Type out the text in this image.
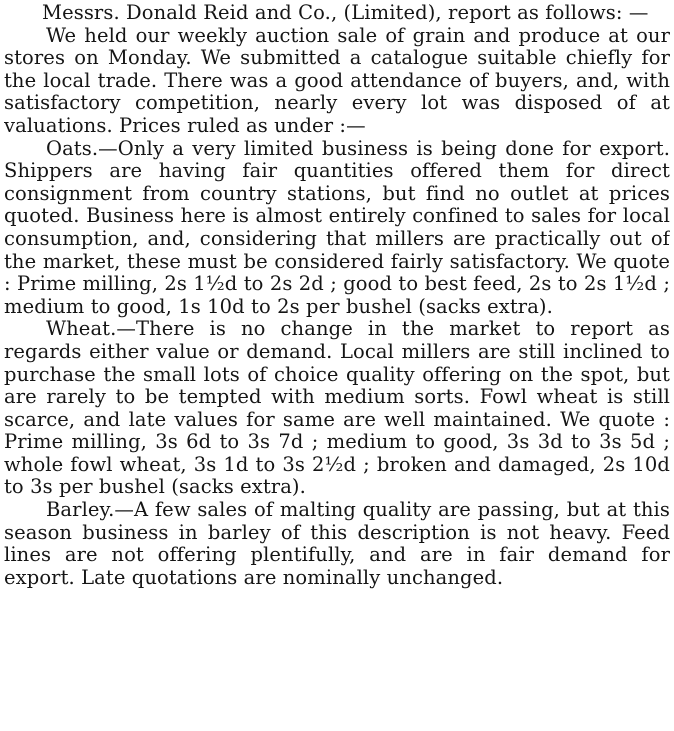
Messrs. Donald Reid and Co., (Limited), report as follows: —

We held our weekly auction sale of grain and produce at our stores on Monday. We submitted a catalogue suitable chiefly for the local trade. There was a good attendance of buyers, and, with satisfactory competition, nearly every lot was disposed of at valuations. Prices ruled as under :—

Oats.—Only a very limited business is being done for export. Shippers are having fair quantities offered them for direct consignment from country stations, but find no outlet at prices quoted. Business here is almost entirely confined to sales for local consumption, and, considering that millers are practically out of the market, these must be considered fairly satisfactory. We quote : Prime milling, 2s 1½d to 2s 2d ; good to best feed, 2s to 2s 1½d ; medium to good, 1s 10d to 2s per bushel (sacks extra).

Wheat.—There is no change in the market to report as regards either value or demand. Local millers are still inclined to purchase the small lots of choice quality offering on the spot, but are rarely to be tempted with medium sorts. Fowl wheat is still scarce, and late values for same are well maintained. We quote : Prime milling, 3s 6d to 3s 7d ; medium to good, 3s 3d to 3s 5d ; whole fowl wheat, 3s 1d to 3s 2½d ; broken and damaged, 2s 10d to 3s per bushel (sacks extra).

Barley.—A few sales of malting quality are passing, but at this season business in barley of this description is not heavy. Feed lines are not offering plentifully, and are in fair demand for export. Late quotations are nominally unchanged.
